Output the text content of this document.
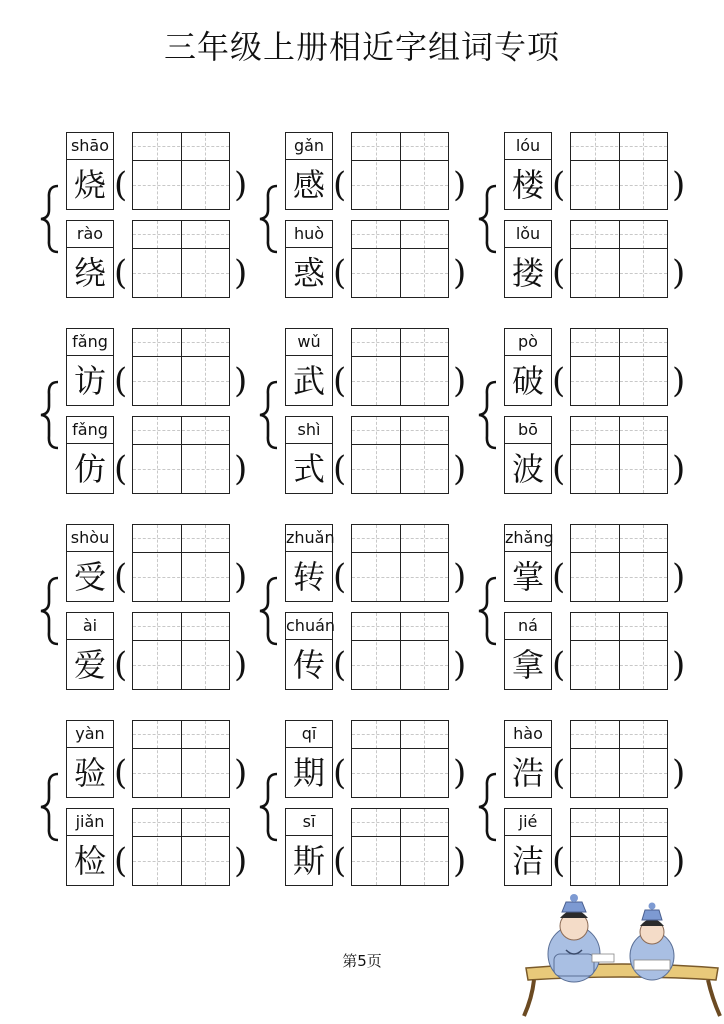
三年级上册相近字组词专项
shāo
烧 (	)
rào
绕 (	)
gǎn
感 (	)
huò
惑 (	)
lóu
楼 (	)
lǒu
搂 (	)
fǎng
访 (	)
fǎng
仿 (	)
wǔ
武 (	)
shì
式 (	)
pò
破 (	)
bō
波 (	)
shòu
受 (	)
ài
爱 (	)
zhuǎn
转 (	)
chuán
传 (	)
zhǎng
掌 (	)
ná
拿 (	)
yàn
验 (	)
jiǎn
检 (	)
qī
期 (	)
sī
斯 (	)
hào
浩 (	)
jié
洁 (	)
第5页
